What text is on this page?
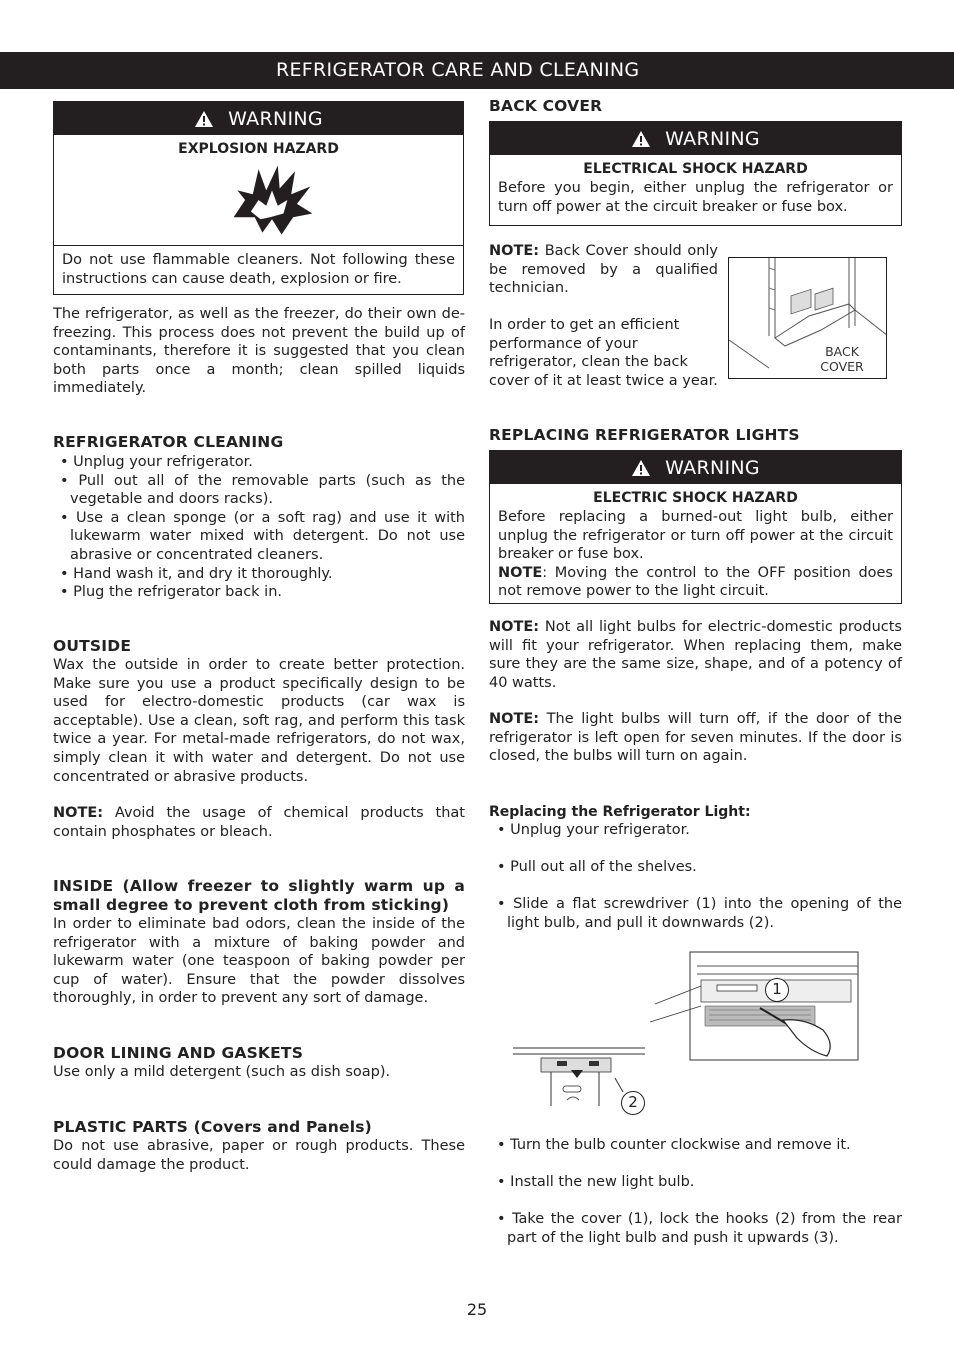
REFRIGERATOR CARE AND CLEANING
WARNING
EXPLOSION HAZARD
Do not use flammable cleaners. Not following these instructions can cause death, explosion or fire.
The refrigerator, as well as the freezer, do their own de-freezing. This process does not prevent the build up of contaminants, therefore it is suggested that you clean both parts once a month; clean spilled liquids immediately.
REFRIGERATOR CLEANING
• Unplug your refrigerator.
• Pull out all of the removable parts (such as the vegetable and doors racks).
• Use a clean sponge (or a soft rag) and use it with lukewarm water mixed with detergent. Do not use abrasive or concentrated cleaners.
• Hand wash it, and dry it thoroughly.
• Plug the refrigerator back in.
OUTSIDE
Wax the outside in order to create better protection. Make sure you use a product specifically design to be used for electro-domestic products (car wax is acceptable). Use a clean, soft rag, and perform this task twice a year. For metal-made refrigerators, do not wax, simply clean it with water and detergent. Do not use concentrated or abrasive products.
NOTE: Avoid the usage of chemical products that contain phosphates or bleach.
INSIDE (Allow freezer to slightly warm up a small degree to prevent cloth from sticking)
In order to eliminate bad odors, clean the inside of the refrigerator with a mixture of baking powder and lukewarm water (one teaspoon of baking powder per cup of water). Ensure that the powder dissolves thoroughly, in order to prevent any sort of damage.
DOOR LINING AND GASKETS
Use only a mild detergent (such as dish soap).
PLASTIC PARTS (Covers and Panels)
Do not use abrasive, paper or rough products. These could damage the product.
BACK COVER
WARNING
ELECTRICAL SHOCK HAZARD
Before you begin, either unplug the refrigerator or turn off power at the circuit breaker or fuse box.
NOTE: Back Cover should only be removed by a qualified technician.
In order to get an efficient performance of your refrigerator, clean the back cover of it at least twice a year.
BACK
COVER
REPLACING REFRIGERATOR LIGHTS
WARNING
ELECTRIC SHOCK HAZARD
Before replacing a burned-out light bulb, either unplug the refrigerator or turn off power at the circuit breaker or fuse box.
NOTE: Moving the control to the OFF position does not remove power to the light circuit.
NOTE: Not all light bulbs for electric-domestic products will fit your refrigerator. When replacing them, make sure they are the same size, shape, and of a potency of 40 watts.
NOTE: The light bulbs will turn off, if the door of the refrigerator is left open for seven minutes. If the door is closed, the bulbs will turn on again.
Replacing the Refrigerator Light:
• Unplug your refrigerator.
• Pull out all of the shelves.
• Slide a flat screwdriver (1) into the opening of the light bulb, and pull it downwards (2).
1
2
• Turn the bulb counter clockwise and remove it.
• Install the new light bulb.
• Take the cover (1), lock the hooks (2) from the rear part of the light bulb and push it upwards (3).
25
